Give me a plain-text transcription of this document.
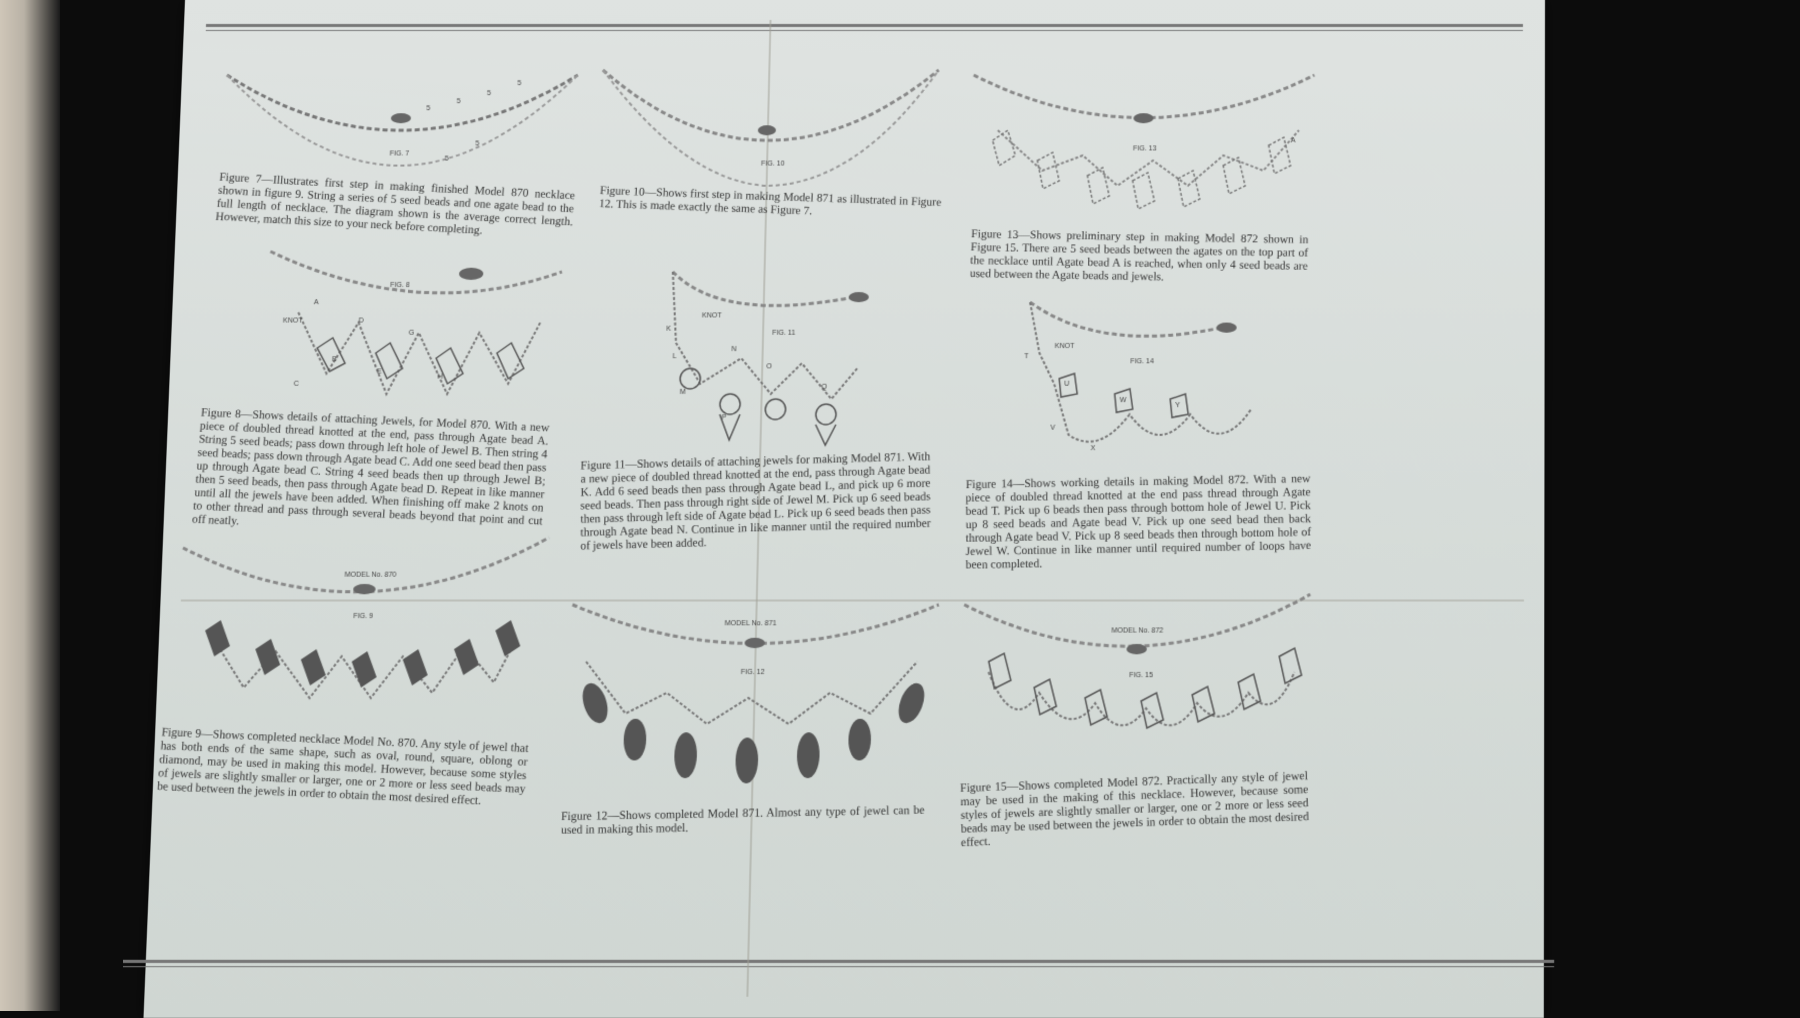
FIG. 7
5
5
5
5
5
5
Figure 7—Illustrates first step in making finished Model 870 necklace shown in figure 9. String a series of 5 seed beads and one agate bead to the full length of necklace. The diagram shown is the average correct length. However, match this size to your neck before completing.
FIG. 8
A
KNOT	D
G
B
C
E
H
Figure 8—Shows details of attaching Jewels, for Model 870. With a new piece of doubled thread knotted at the end, pass through Agate bead A. String 5 seed beads; pass down through left hole of Jewel B. Then string 4 seed beads; pass down through Agate bead C. Add one seed bead then pass up through Agate bead C. String 4 seed beads then up through Jewel B; then 5 seed beads, then pass through Agate bead D. Repeat in like manner until all the jewels have been added. When finishing off make 2 knots on to other thread and pass through several beads beyond that point and cut off neatly.
MODEL No. 870
FIG. 9
Figure 9—Shows completed necklace Model No. 870. Any style of jewel that has both ends of the same shape, such as oval, round, square, oblong or diamond, may be used in making this model. However, because some styles of jewels are slightly smaller or larger, one or 2 more or less seed beads may be used between the jewels in order to obtain the most desired effect.
FIG. 10
Figure 10—Shows first step in making Model 871 as illustrated in Figure 12. This is made exactly the same as Figure 7.
KNOT
FIG. 11
K
L
N
O
M
P
Q
Figure 11—Shows details of attaching jewels for making Model 871. With a new piece of doubled thread knotted at the end, pass through Agate bead K. Add 6 seed beads then pass through Agate bead L, and pick up 6 more seed beads. Then pass through right side of Jewel M. Pick up 6 seed beads then pass through left side of Agate bead L. Pick up 6 seed beads then pass through Agate bead N. Continue in like manner until the required number of jewels have been added.
MODEL No. 871
FIG. 12
Figure 12—Shows completed Model 871. Almost any type of jewel can be used in making this model.
FIG. 13
A
Figure 13—Shows preliminary step in making Model 872 shown in Figure 15. There are 5 seed beads between the agates on the top part of the necklace until Agate bead A is reached, when only 4 seed beads are used between the Agate beads and jewels.
KNOT
FIG. 14
T
U
W
Y
V
X
Figure 14—Shows working details in making Model 872. With a new piece of doubled thread knotted at the end pass thread through Agate bead T. Pick up 6 beads then pass through bottom hole of Jewel U. Pick up 8 seed beads and Agate bead V. Pick up one seed bead then back through Agate bead V. Pick up 8 seed beads then through bottom hole of Jewel W. Continue in like manner until required number of loops have been completed.
MODEL No. 872
FIG. 15
Figure 15—Shows completed Model 872. Practically any style of jewel may be used in the making of this necklace. However, because some styles of jewels are slightly smaller or larger, one or 2 more or less seed beads may be used between the jewels in order to obtain the most desired effect.
